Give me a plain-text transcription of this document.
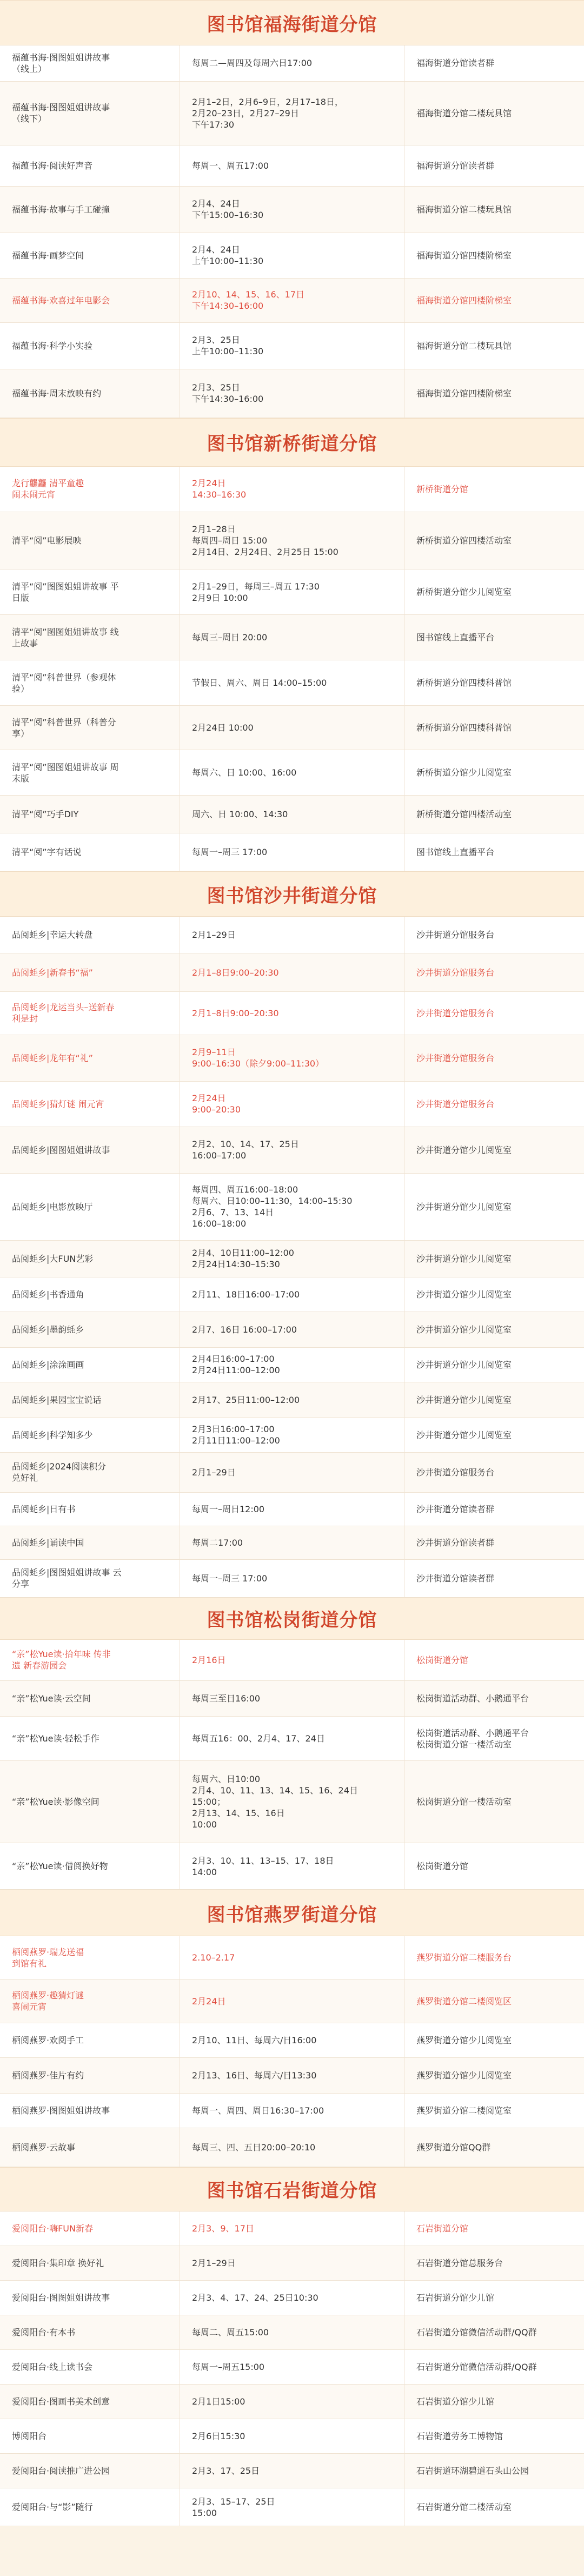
图书馆福海街道分馆
福蕴书海·图图姐姐讲故事
（线上）	每周二—周四及每周六日17:00	福海街道分馆读者群
福蕴书海·图图姐姐讲故事
（线下）	2月1–2日，2月6–9日，2月17–18日，
2月20–23日，2月27–29日
下午17:30	福海街道分馆二楼玩具馆
福蕴书海·阅读好声音	每周一、周五17:00	福海街道分馆读者群
福蕴书海·故事与手工碰撞	2月4、24日
下午15:00–16:30	福海街道分馆二楼玩具馆
福蕴书海·画梦空间	2月4、24日
上午10:00–11:30	福海街道分馆四楼阶梯室
福蕴书海·欢喜过年电影会	2月10、14、15、16、17日
下午14:30–16:00	福海街道分馆四楼阶梯室
福蕴书海·科学小实验	2月3、25日
上午10:00–11:30	福海街道分馆二楼玩具馆
福蕴书海·周末放映有约	2月3、25日
下午14:30–16:00	福海街道分馆四楼阶梯室
图书馆新桥街道分馆
龙行龘龘 清平童趣
闹未闹元宵	2月24日
14:30–16:30	新桥街道分馆
清平“阅”电影展映	2月1–28日
每周四–周日 15:00
2月14日、2月24日、2月25日 15:00	新桥街道分馆四楼活动室
清平“阅”图图姐姐讲故事 平
日版	2月1–29日，每周三–周五 17:30
2月9日 10:00	新桥街道分馆少儿阅览室
清平“阅”图图姐姐讲故事 线
上故事	每周三–周日 20:00	图书馆线上直播平台
清平“阅”科普世界（参观体
验）	节假日、周六、周日 14:00–15:00	新桥街道分馆四楼科普馆
清平“阅”科普世界（科普分
享）	2月24日 10:00	新桥街道分馆四楼科普馆
清平“阅”图图姐姐讲故事 周
末版	每周六、日 10:00、16:00	新桥街道分馆少儿阅览室
清平“阅”巧手DIY	周六、日 10:00、14:30	新桥街道分馆四楼活动室
清平“阅”字有话说	每周一–周三 17:00	图书馆线上直播平台
图书馆沙井街道分馆
品阅蚝乡|幸运大转盘	2月1–29日	沙井街道分馆服务台
品阅蚝乡|新春书“福”	2月1–8日9:00–20:30	沙井街道分馆服务台
品阅蚝乡|龙运当头–送新春
利是封	2月1–8日9:00–20:30	沙井街道分馆服务台
品阅蚝乡|龙年有“礼”	2月9–11日
9:00–16:30（除夕9:00–11:30）	沙井街道分馆服务台
品阅蚝乡|猜灯谜 闹元宵	2月24日
9:00–20:30	沙井街道分馆服务台
品阅蚝乡|图图姐姐讲故事	2月2、10、14、17、25日
16:00–17:00	沙井街道分馆少儿阅览室
品阅蚝乡|电影放映厅	每周四、周五16:00–18:00
每周六、日10:00–11:30，14:00–15:30
2月6、7、13、14日
16:00–18:00	沙井街道分馆少儿阅览室
品阅蚝乡|大FUN艺彩	2月4、10日11:00–12:00
2月24日14:30–15:30	沙井街道分馆少儿阅览室
品阅蚝乡|书香通角	2月11、18日16:00–17:00	沙井街道分馆少儿阅览室
品阅蚝乡|墨韵蚝乡	2月7、16日 16:00–17:00	沙井街道分馆少儿阅览室
品阅蚝乡|涂涂画画	2月4日16:00–17:00
2月24日11:00–12:00	沙井街道分馆少儿阅览室
品阅蚝乡|果园宝宝说话	2月17、25日11:00–12:00	沙井街道分馆少儿阅览室
品阅蚝乡|科学知多少	2月3日16:00–17:00
2月11日11:00–12:00	沙井街道分馆少儿阅览室
品阅蚝乡|2024阅读积分
兑好礼	2月1–29日	沙井街道分馆服务台
品阅蚝乡|日有书	每周一–周日12:00	沙井街道分馆读者群
品阅蚝乡|诵读中国	每周二17:00	沙井街道分馆读者群
品阅蚝乡|图图姐姐讲故事 云
分享	每周一–周三 17:00	沙井街道分馆读者群
图书馆松岗街道分馆
“亲”松Yue读·拾年味 传非
遗 新春游园会	2月16日	松岗街道分馆
“亲”松Yue读·云空间	每周三至日16:00	松岗街道活动群、小鹅通平台
“亲”松Yue读·轻松手作	每周五16：00、2月4、17、24日	松岗街道活动群、小鹅通平台
松岗街道分馆一楼活动室
“亲”松Yue读·影像空间	每周六、日10:00
2月4、10、11、13、14、15、16、24日
15:00；
2月13、14、15、16日
10:00	松岗街道分馆一楼活动室
“亲”松Yue读·借阅换好物	2月3、10、11、13–15、17、18日
14:00	松岗街道分馆
图书馆燕罗街道分馆
栖阅燕罗·瑞龙送福
到馆有礼	2.10–2.17	燕罗街道分馆二楼服务台
栖阅燕罗·趣猜灯谜
喜闹元宵	2月24日	燕罗街道分馆二楼阅览区
栖阅燕罗·欢阅手工	2月10、11日、每周六/日16:00	燕罗街道分馆少儿阅览室
栖阅燕罗·佳片有约	2月13、16日、每周六/日13:30	燕罗街道分馆少儿阅览室
栖阅燕罗·图图姐姐讲故事	每周一、周四、周日16:30–17:00	燕罗街道分馆二楼阅览室
栖阅燕罗·云故事	每周三、四、五日20:00–20:10	燕罗街道分馆QQ群
图书馆石岩街道分馆
爱阅阳台·嗨FUN新春	2月3、9、17日	石岩街道分馆
爱阅阳台·集印章 换好礼	2月1–29日	石岩街道分馆总服务台
爱阅阳台·图图姐姐讲故事	2月3、4、17、24、25日10:30	石岩街道分馆少儿馆
爱阅阳台·有本书	每周二、周五15:00	石岩街道分馆微信活动群/QQ群
爱阅阳台·线上读书会	每周一–周五15:00	石岩街道分馆微信活动群/QQ群
爱阅阳台·图画书美术创意	2月1日15:00	石岩街道分馆少儿馆
博阅阳台	2月6日15:30	石岩街道劳务工博物馆
爱阅阳台·阅读推广进公园	2月3、17、25日	石岩街道环湖碧道石头山公园
爱阅阳台·与“影”随行	2月3、15–17、25日
15:00	石岩街道分馆二楼活动室
